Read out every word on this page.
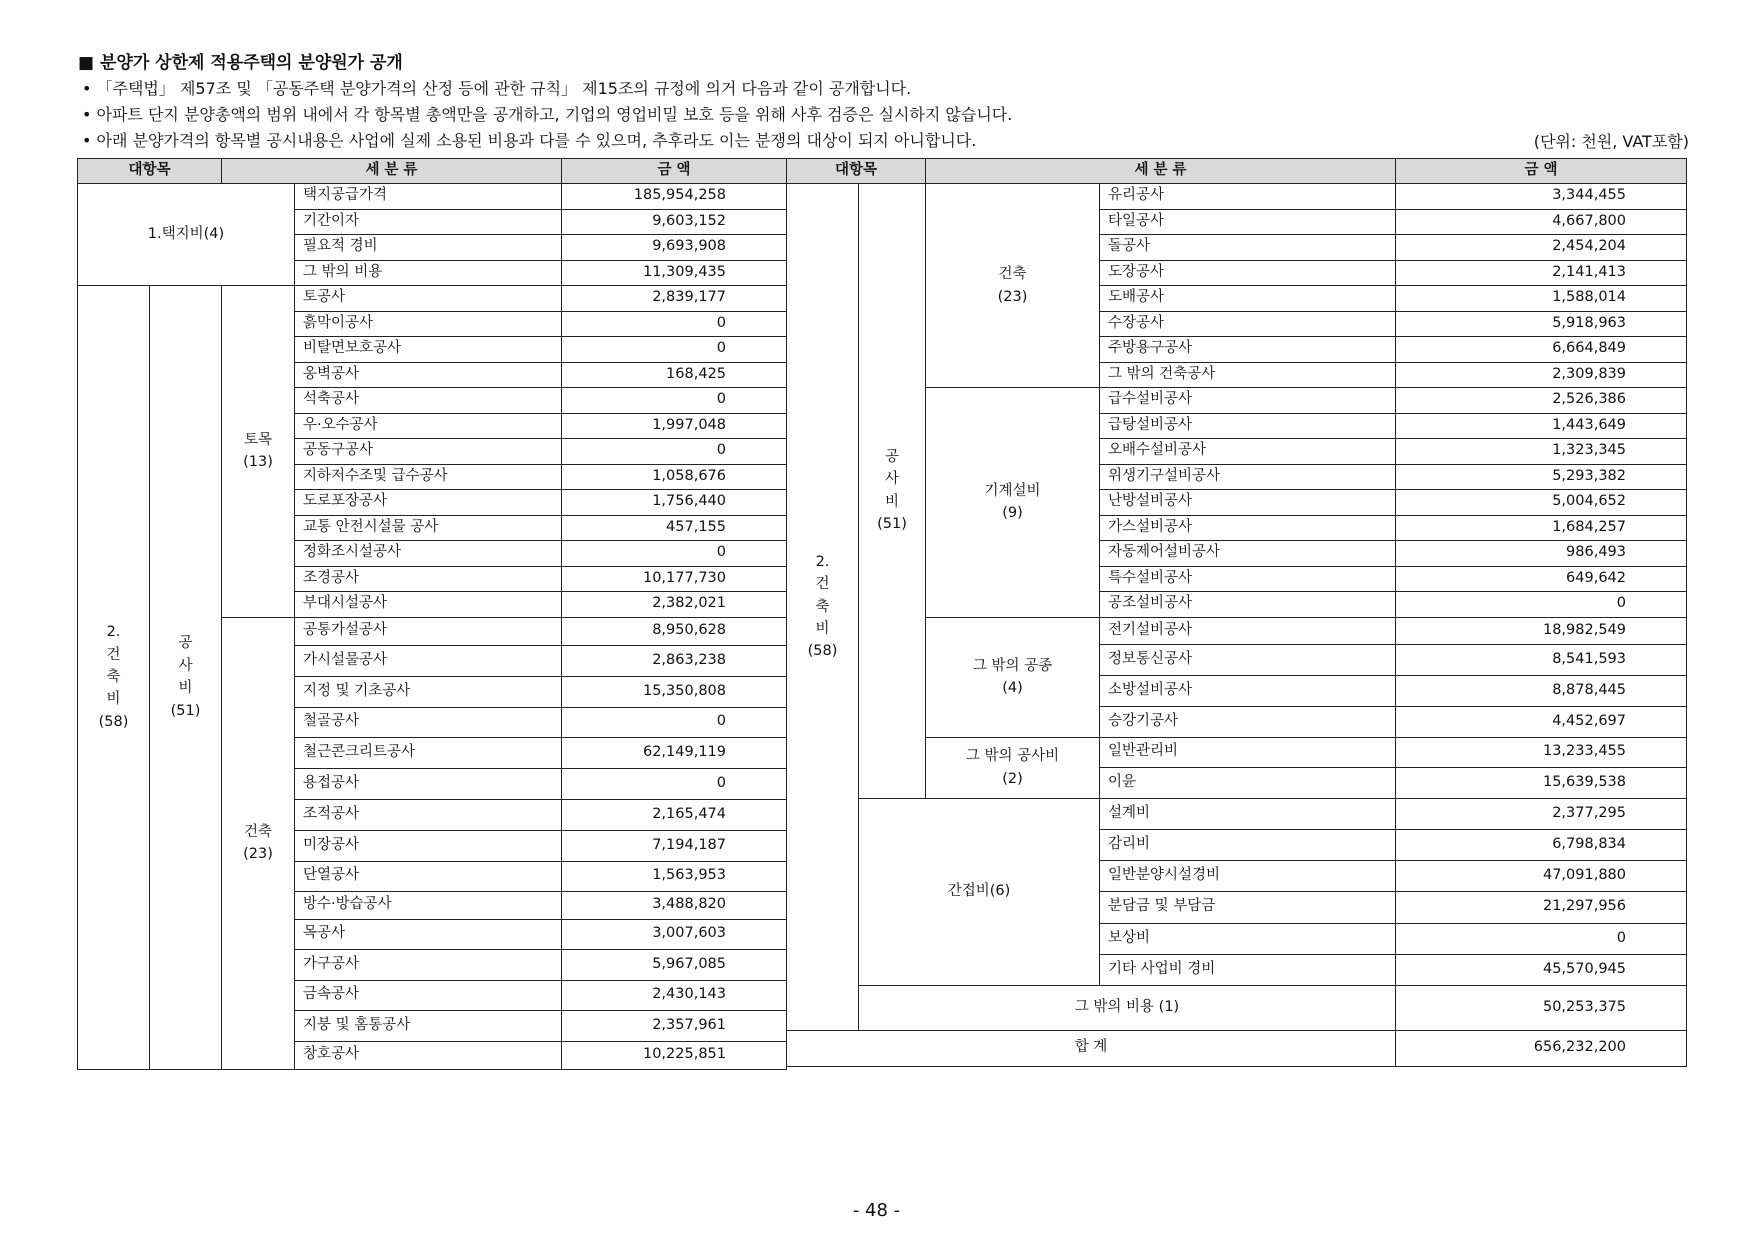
■ 분양가 상한제 적용주택의 분양원가 공개
• 「주택법」 제57조 및 「공동주택 분양가격의 산정 등에 관한 규칙」 제15조의 규정에 의거 다음과 같이 공개합니다.
• 아파트 단지 분양총액의 범위 내에서 각 항목별 총액만을 공개하고, 기업의 영업비밀 보호 등을 위해 사후 검증은 실시하지 않습니다.
• 아래 분양가격의 항목별 공시내용은 사업에 실제 소용된 비용과 다를 수 있으며, 추후라도 이는 분쟁의 대상이 되지 아니합니다.	(단위: 천원, VAT포함)
대항목		세 분 류		금 액
1.택지비(4)			택지공급가격	185,954,258
			기간이자	9,603,152
			필요적 경비	9,693,908
			그 밖의 비용	11,309,435
2.
건
축
비
(58)	공
사
비
(51)	토목
(13)	토공사	2,839,177
			흙막이공사	0
			비탈면보호공사	0
			옹벽공사	168,425
			석축공사	0
			우·오수공사	1,997,048
			공동구공사	0
			지하저수조및 급수공사	1,058,676
			도로포장공사	1,756,440
			교통 안전시설물 공사	457,155
			정화조시설공사	0
			조경공사	10,177,730
			부대시설공사	2,382,021
		건축
(23)	공통가설공사	8,950,628
			가시설물공사	2,863,238
			지정 및 기초공사	15,350,808
			철골공사	0
			철근콘크리트공사	62,149,119
			용접공사	0
			조적공사	2,165,474
			미장공사	7,194,187
			단열공사	1,563,953
			방수·방습공사	3,488,820
			목공사	3,007,603
			가구공사	5,967,085
			금속공사	2,430,143
			지붕 및 홈통공사	2,357,961
			창호공사	10,225,851
대항목		세 분 류		금 액
2.
건
축
비
(58)	공
사
비
(51)	건축
(23)	유리공사	3,344,455
			타일공사	4,667,800
			돌공사	2,454,204
			도장공사	2,141,413
			도배공사	1,588,014
			수장공사	5,918,963
			주방용구공사	6,664,849
			그 밖의 건축공사	2,309,839
		기계설비
(9)	급수설비공사	2,526,386
			급탕설비공사	1,443,649
			오배수설비공사	1,323,345
			위생기구설비공사	5,293,382
			난방설비공사	5,004,652
			가스설비공사	1,684,257
			자동제어설비공사	986,493
			특수설비공사	649,642
			공조설비공사	0
		그 밖의 공종
(4)	전기설비공사	18,982,549
			정보통신공사	8,541,593
			소방설비공사	8,878,445
			승강기공사	4,452,697
		그 밖의 공사비
(2)	일반관리비	13,233,455
			이윤	15,639,538
	간접비(6)		설계비	2,377,295
			감리비	6,798,834
			일반분양시설경비	47,091,880
			분담금 및 부담금	21,297,956
			보상비	0
			기타 사업비 경비	45,570,945
	그 밖의 비용 (1)			50,253,375
합 계				656,232,200
- 48 -
